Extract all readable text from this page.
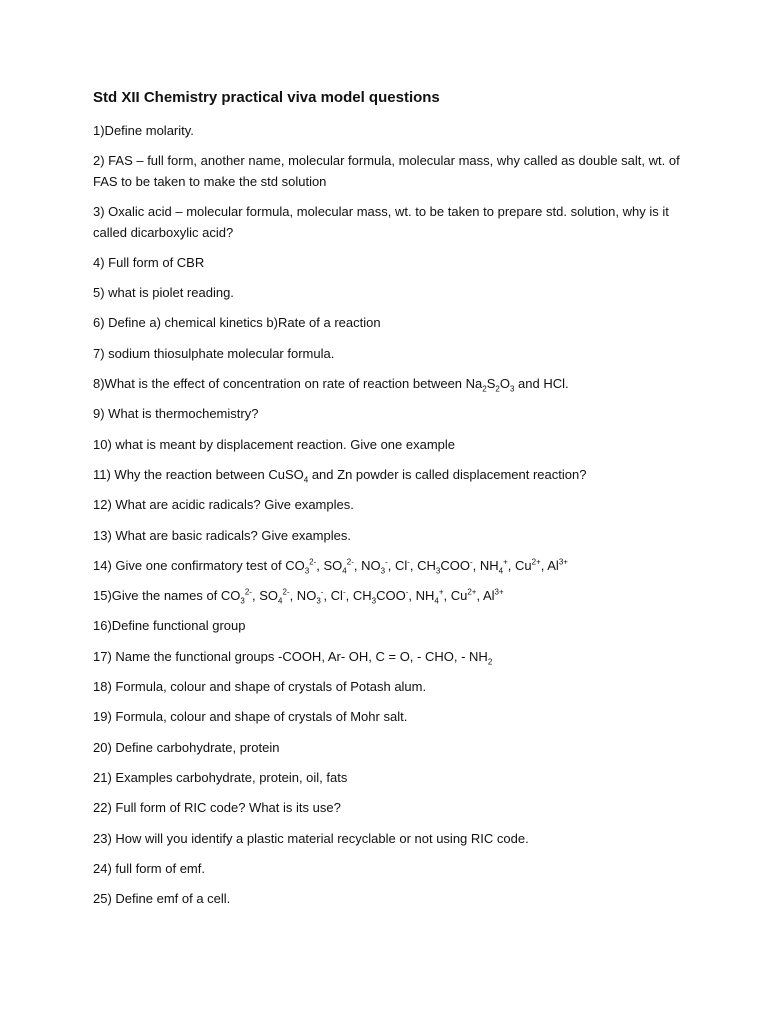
Std XII Chemistry practical viva model questions
1)Define molarity.
2) FAS – full form, another name, molecular formula, molecular mass, why called as double salt, wt. of FAS to be taken to make the std solution
3) Oxalic acid – molecular formula, molecular mass, wt. to be taken to prepare std. solution, why is it called dicarboxylic acid?
4) Full form of CBR
5) what is piolet reading.
6) Define a) chemical kinetics b)Rate of a reaction
7) sodium thiosulphate molecular formula.
8)What is the effect of concentration on rate of reaction between $Na_2S_2O_3$ and HCl.
9) What is thermochemistry?
10) what is meant by displacement reaction. Give one example
11) Why the reaction between CuSO$_4$ and Zn powder is called displacement reaction?
12) What are acidic radicals? Give examples.
13) What are basic radicals? Give examples.
14) Give one confirmatory test of $CO_3^{2-}$, $SO_4^{2-}$, $NO_3^-$, Cl-, $CH_3COO^-$, $NH_4^+$, $Cu^{2+}$, $Al^{3+}$
15)Give the names of $CO_3^{2-}$, $SO_4^{2-}$, $NO_3^-$, Cl-, $CH_3COO^-$, $NH_4^+$, $Cu^{2+}$, $Al^{3+}$
16)Define functional group
17) Name the functional groups -COOH, Ar- OH, C = O, - CHO, - $NH_2$
18) Formula, colour and shape of crystals of Potash alum.
19) Formula, colour and shape of crystals of Mohr salt.
20) Define carbohydrate, protein
21) Examples carbohydrate, protein, oil, fats
22) Full form of RIC code? What is its use?
23) How will you identify a plastic material recyclable or not using RIC code.
24) full form of emf.
25) Define emf of a cell.
